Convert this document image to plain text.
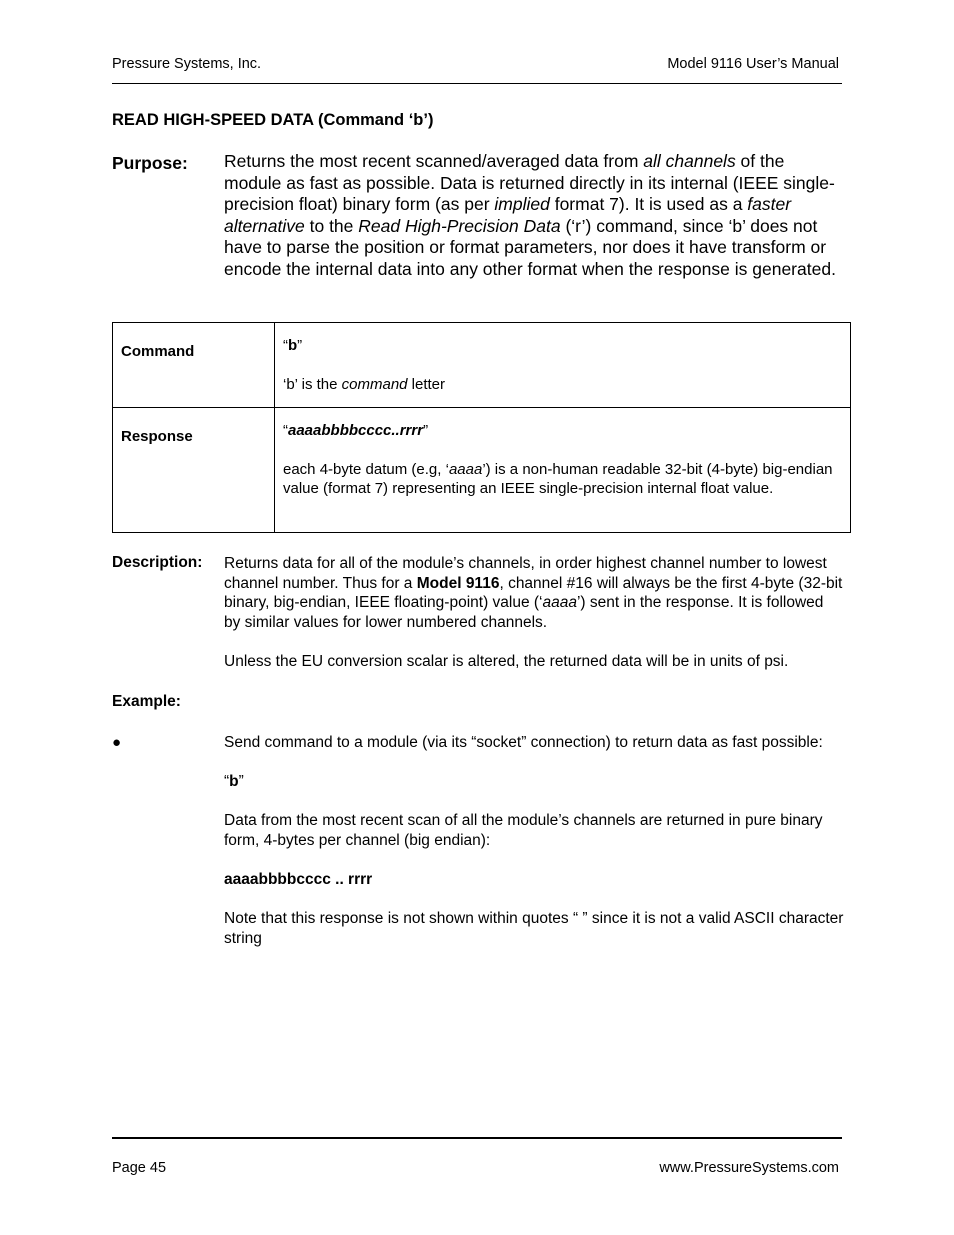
Pressure Systems, Inc.	Model 9116 User’s Manual
READ HIGH-SPEED DATA (Command ‘b’)
Purpose: Returns the most recent scanned/averaged data from all channels of the module as fast as possible. Data is returned directly in its internal (IEEE single-precision float) binary form (as per implied format 7). It is used as a faster alternative to the Read High-Precision Data (‘r’) command, since ‘b’ does not have to parse the position or format parameters, nor does it have transform or encode the internal data into any other format when the response is generated.
Command	“b”
‘b’ is the command letter

Response	“aaaabbbbcccc..rrrr”
each 4-byte datum (e.g, ‘aaaa’) is a non-human readable 32-bit (4-byte) big-endian value (format 7) representing an IEEE single-precision internal float value.
Description: Returns data for all of the module’s channels, in order highest channel number to lowest channel number. Thus for a Model 9116, channel #16 will always be the first 4-byte (32-bit binary, big-endian, IEEE floating-point) value (‘aaaa’) sent in the response. It is followed by similar values for lower numbered channels.

Unless the EU conversion scalar is altered, the returned data will be in units of psi.

Example:
●	Send command to a module (via its “socket” connection) to return data as fast possible:

“b”

Data from the most recent scan of all the module’s channels are returned in pure binary form, 4-bytes per channel (big endian):

aaaabbbbcccc .. rrrr

Note that this response is not shown within quotes “ ” since it is not a valid ASCII character string

Page 45	www.PressureSystems.com
